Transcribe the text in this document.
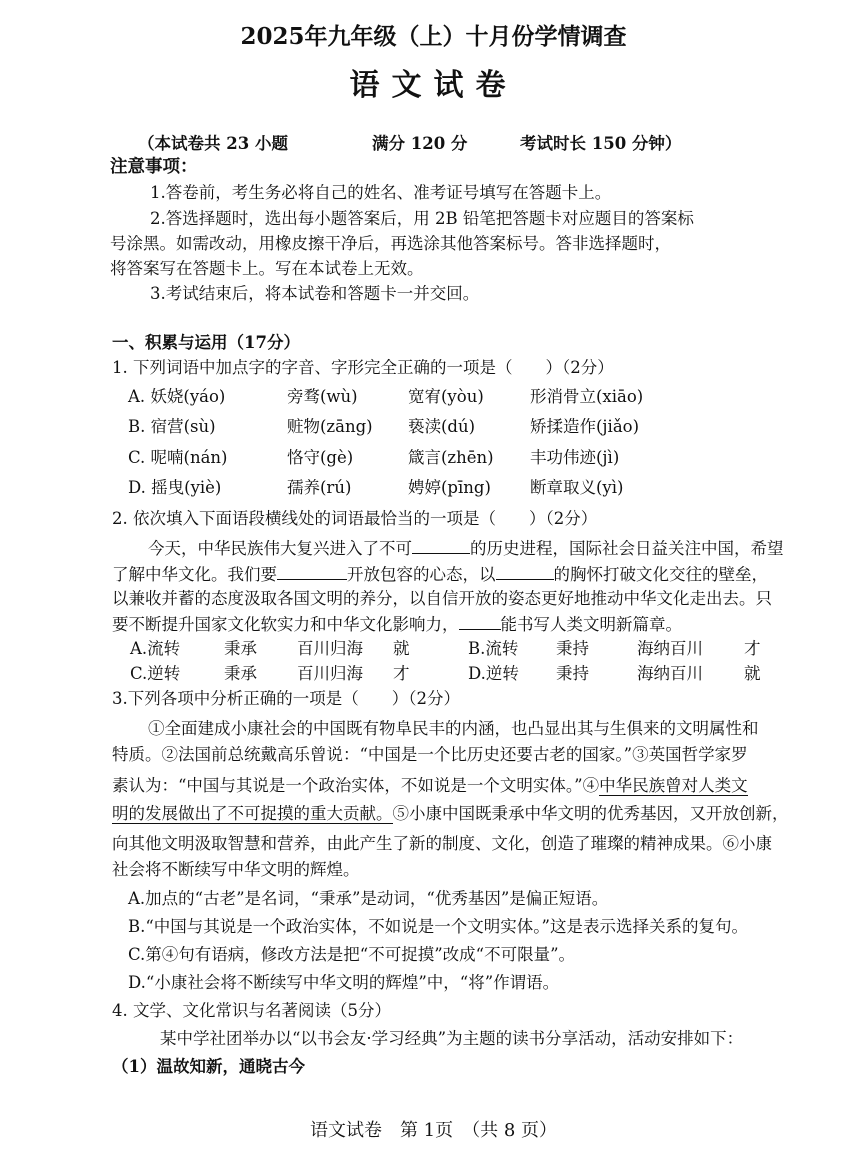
2025年九年级（上）十月份学情调查
语文试卷
（本试卷共 23 小题	满分 120 分	考试时长 150 分钟）
注意事项：
1.答卷前，考生务必将自己的姓名、准考证号填写在答题卡上。
2.答选择题时，选出每小题答案后，用 2B 铅笔把答题卡对应题目的答案标
号涂黑。如需改动，用橡皮擦干净后，再选涂其他答案标号。答非选择题时，
将答案写在答题卡上。写在本试卷上无效。
3.考试结束后，将本试卷和答题卡一并交回。
一、积累与运用（17分）
1. 下列词语中加点字的字音、字形完全正确的一项是（　　）（2分）
A. 妖娆(yáo)	旁骛(wù)	宽宥(yòu)	形消骨立(xiāo)
B. 宿营(sù)	赃物(zāng) 亵渎(dú)	矫揉造作(jiǎo)
C. 呢喃(nán)	恪守(gè)	箴言(zhēn) 丰功伟迹(jì)
D. 摇曳(yiè)	孺养(rú)	娉婷(pīng) 断章取义(yì)
2. 依次填入下面语段横线处的词语最恰当的一项是（　　）（2分）
今天，中华民族伟大复兴进入了不可	的历史进程，国际社会日益关注中国，希望
了解中华文化。我们要	开放包容的心态，以	的胸怀打破文化交往的壁垒，
以兼收并蓄的态度汲取各国文明的养分，以自信开放的姿态更好地推动中华文化走出去。只
要不断提升国家文化软实力和中华文化影响力，	能书写人类文明新篇章。
A.流转	秉承 百川归海 就	B.流转 秉持	海纳百川 才
C.逆转	秉承 百川归海 才	D.逆转 秉持	海纳百川 就
3.下列各项中分析正确的一项是（　　）（2分）
①全面建成小康社会的中国既有物阜民丰的内涵，也凸显出其与生俱来的文明属性和
特质。②法国前总统戴高乐曾说：“中国是一个比历史还要古老的国家。”③英国哲学家罗
素认为：“中国与其说是一个政治实体，不如说是一个文明实体。”④中华民族曾对人类文
明的发展做出了不可捉摸的重大贡献。⑤小康中国既秉承中华文明的优秀基因，又开放创新，
向其他文明汲取智慧和营养，由此产生了新的制度、文化，创造了璀璨的精神成果。⑥小康
社会将不断续写中华文明的辉煌。
A.加点的“古老”是名词，“秉承”是动词，“优秀基因”是偏正短语。
B.“中国与其说是一个政治实体，不如说是一个文明实体。”这是表示选择关系的复句。
C.第④句有语病，修改方法是把“不可捉摸”改成“不可限量”。
D.“小康社会将不断续写中华文明的辉煌”中，“将”作谓语。
4. 文学、文化常识与名著阅读（5分）
某中学社团举办以“以书会友·学习经典”为主题的读书分享活动，活动安排如下：
（1）温故知新，通晓古今
语文试卷　第 1页　（共 8 页）
